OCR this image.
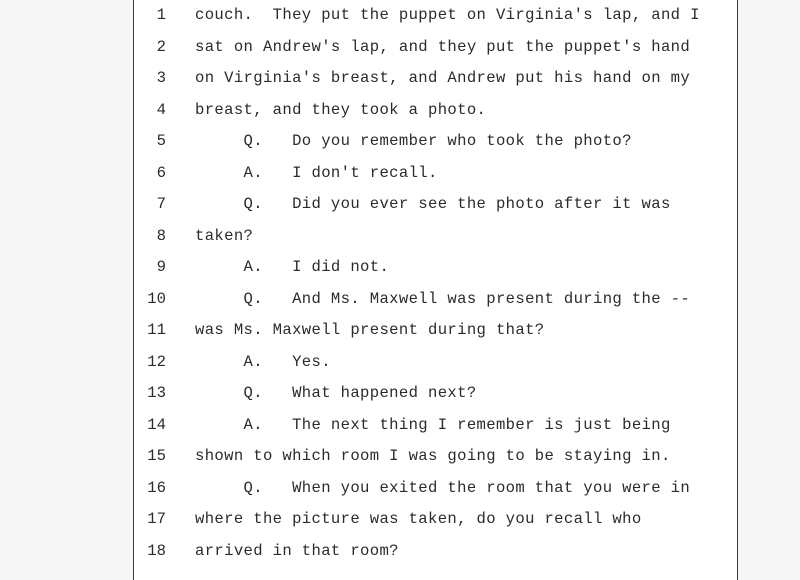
1 couch.  They put the puppet on Virginia's lap, and I
2 sat on Andrew's lap, and they put the puppet's hand
3 on Virginia's breast, and Andrew put his hand on my
4 breast, and they took a photo.
5 Q.   Do you remember who took the photo?
6 A.   I don't recall.
7 Q.   Did you ever see the photo after it was
8 taken?
9 A.   I did not.
10 Q.   And Ms. Maxwell was present during the --
11 was Ms. Maxwell present during that?
12 A.   Yes.
13 Q.   What happened next?
14 A.   The next thing I remember is just being
15 shown to which room I was going to be staying in.
16 Q.   When you exited the room that you were in
17 where the picture was taken, do you recall who
18 arrived in that room?
